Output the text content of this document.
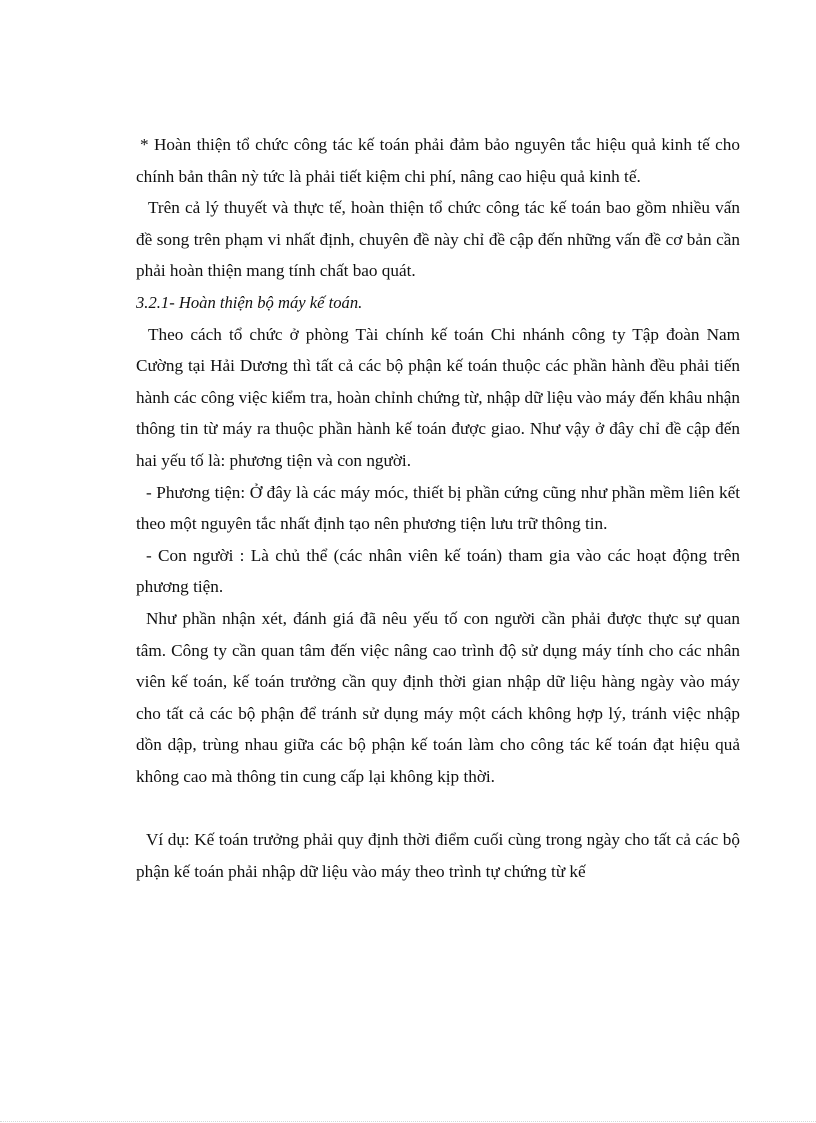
* Hoàn thiện tổ chức công tác kế toán phải đảm bảo nguyên tắc hiệu quả kinh tế cho chính bản thân nỳ tức là phải tiết kiệm chi phí, nâng cao hiệu quả kinh tế.

Trên cả lý thuyết và thực tế, hoàn thiện tổ chức công tác kế toán bao gồm nhiều vấn đề song trên phạm vi nhất định, chuyên đề này chỉ đề cập đến những vấn đề cơ bản cần phải hoàn thiện mang tính chất bao quát.

3.2.1- Hoàn thiện bộ máy kế toán.

Theo cách tổ chức ở phòng Tài chính kế toán Chi nhánh công ty Tập đoàn Nam Cường tại Hải Dương thì tất cả các bộ phận kế toán thuộc các phần hành đều phải tiến hành các công việc kiểm tra, hoàn chỉnh chứng từ, nhập dữ liệu vào máy đến khâu nhận thông tin từ máy ra thuộc phần hành kế toán được giao. Như vậy ở đây chỉ đề cập đến hai yếu tố là: phương tiện và con người.

- Phương tiện: Ở đây là các máy móc, thiết bị phần cứng cũng như phần mềm liên kết theo một nguyên tắc nhất định tạo nên phương tiện lưu trữ thông tin.

- Con người : Là chủ thể (các nhân viên kế toán) tham gia vào các hoạt động trên phương tiện.

Như phần nhận xét, đánh giá đã nêu yếu tố con người cần phải được thực sự quan tâm. Công ty cần quan tâm đến việc nâng cao trình độ sử dụng máy tính cho các nhân viên kế toán, kế toán trưởng cần quy định thời gian nhập dữ liệu hàng ngày vào máy cho tất cả các bộ phận để tránh sử dụng máy một cách không hợp lý, tránh việc nhập dồn dập, trùng nhau giữa các bộ phận kế toán làm cho công tác kế toán đạt hiệu quả không cao mà thông tin cung cấp lại không kịp thời.

Ví dụ: Kế toán trưởng phải quy định thời điểm cuối cùng trong ngày cho tất cả các bộ phận kế toán phải nhập dữ liệu vào máy theo trình tự chứng từ kế
